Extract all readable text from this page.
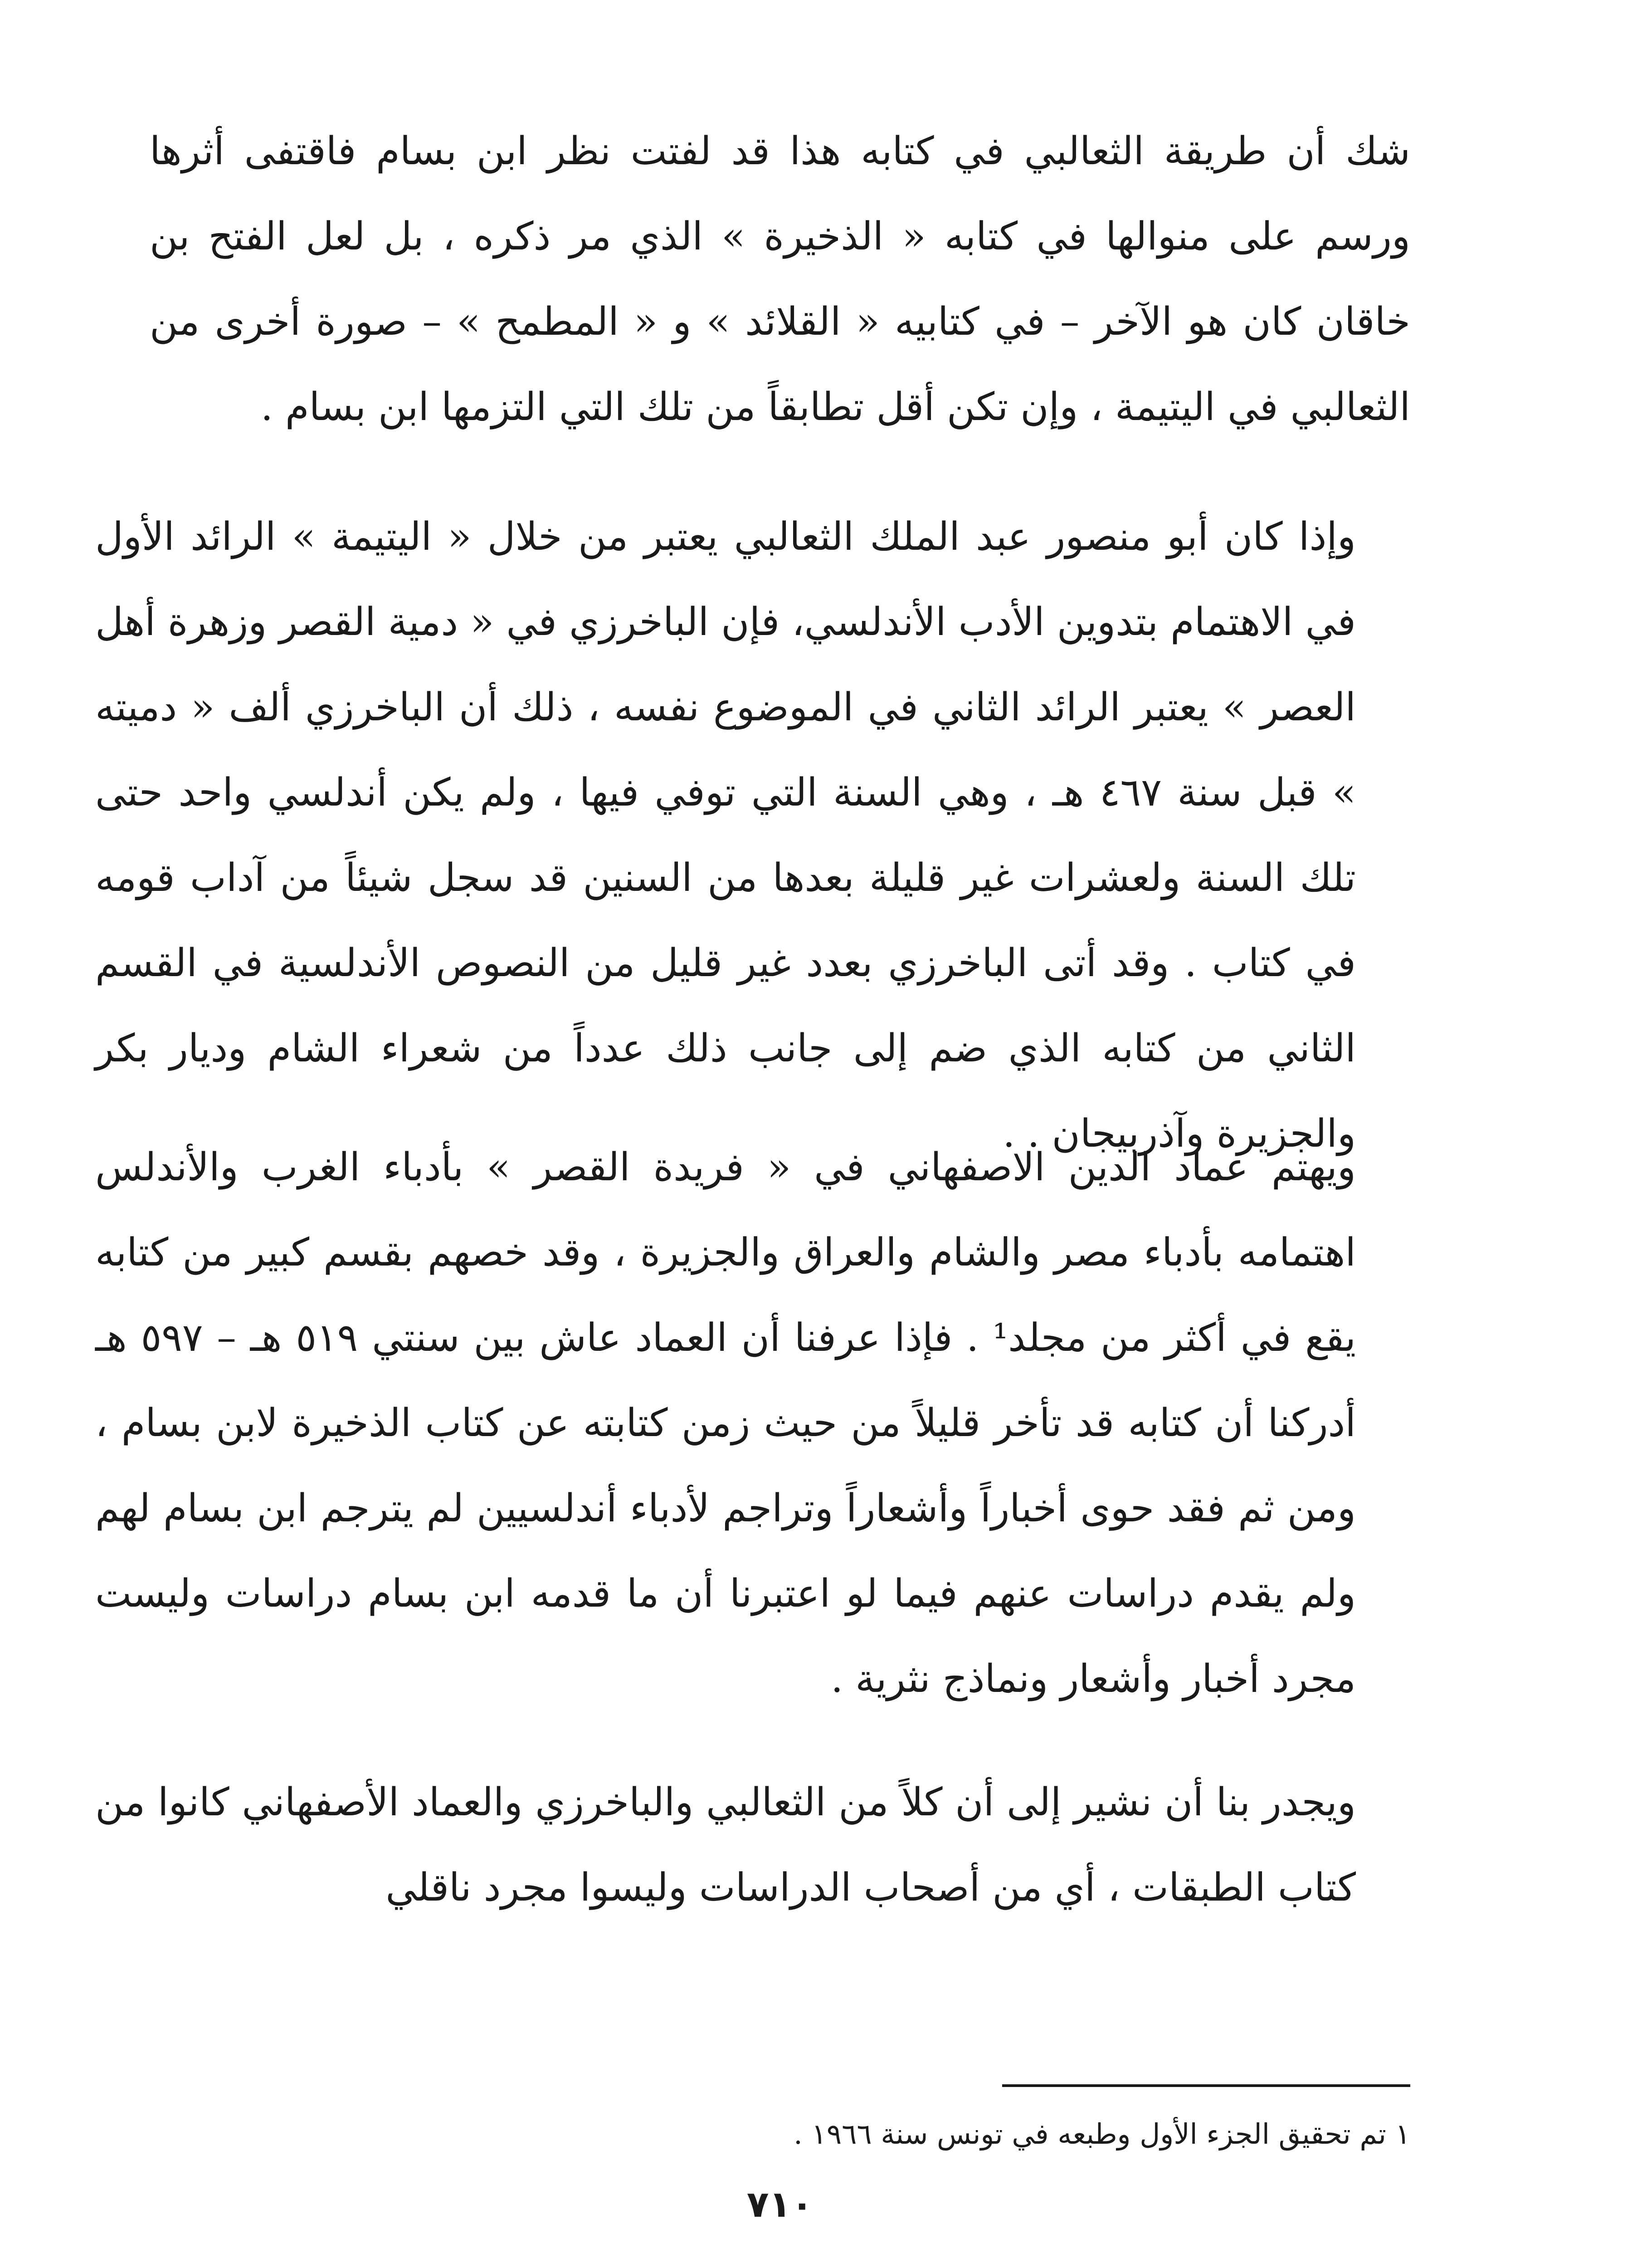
شك أن طريقة الثعالبي في كتابه هذا قد لفتت نظر ابن بسام فاقتفى أثرها ورسم على منوالها في كتابه « الذخيرة » الذي مر ذكره ، بل لعل الفتح بن خاقان كان هو الآخر – في كتابيه « القلائد » و « المطمح » – صورة أخرى من الثعالبي في اليتيمة ، وإن تكن أقل تطابقاً من تلك التي التزمها ابن بسام .

وإذا كان أبو منصور عبد الملك الثعالبي يعتبر من خلال « اليتيمة » الرائد الأول في الاهتمام بتدوين الأدب الأندلسي، فإن الباخرزي في « دمية القصر وزهرة أهل العصر » يعتبر الرائد الثاني في الموضوع نفسه ، ذلك أن الباخرزي ألف « دميته » قبل سنة ٤٦٧ هـ ، وهي السنة التي توفي فيها ، ولم يكن أندلسي واحد حتى تلك السنة ولعشرات غير قليلة بعدها من السنين قد سجل شيئاً من آداب قومه في كتاب . وقد أتى الباخرزي بعدد غير قليل من النصوص الأندلسية في القسم الثاني من كتابه الذي ضم إلى جانب ذلك عدداً من شعراء الشام وديار بكر والجزيرة وآذربيجان . .

ويهتم عماد الدين الاصفهاني في « فريدة القصر » بأدباء الغرب والأندلس اهتمامه بأدباء مصر والشام والعراق والجزيرة ، وقد خصهم بقسم كبير من كتابه يقع في أكثر من مجلد¹ . فإذا عرفنا أن العماد عاش بين سنتي ٥١٩ هـ – ٥٩٧ هـ أدركنا أن كتابه قد تأخر قليلاً من حيث زمن كتابته عن كتاب الذخيرة لابن بسام ، ومن ثم فقد حوى أخباراً وأشعاراً وتراجم لأدباء أندلسيين لم يترجم ابن بسام لهم ولم يقدم دراسات عنهم فيما لو اعتبرنا أن ما قدمه ابن بسام دراسات وليست مجرد أخبار وأشعار ونماذج نثرية .

ويجدر بنا أن نشير إلى أن كلاً من الثعالبي والباخرزي والعماد الأصفهاني كانوا من كتاب الطبقات ، أي من أصحاب الدراسات وليسوا مجرد ناقلي

١ تم تحقيق الجزء الأول وطبعه في تونس سنة ١٩٦٦ .
٧١٠
